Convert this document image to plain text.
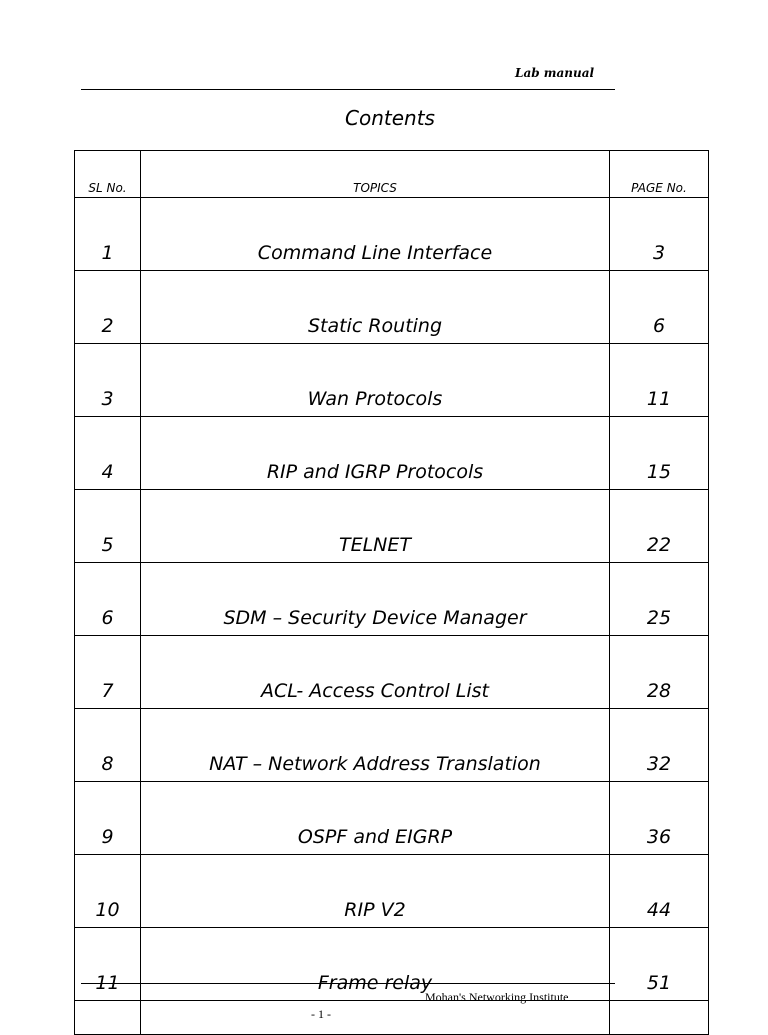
Lab manual
Contents
SL No.	TOPICS	PAGE No.
1	Command Line Interface	3
2	Static Routing	6
3	Wan Protocols	11
4	RIP and IGRP Protocols	15
5	TELNET	22
6	SDM – Security Device Manager	25
7	ACL- Access Control List	28
8	NAT – Network Address Translation	32
9	OSPF and EIGRP	36
10	RIP V2	44
11	Frame relay	51

Mohan's Networking Institute
- 1 -
